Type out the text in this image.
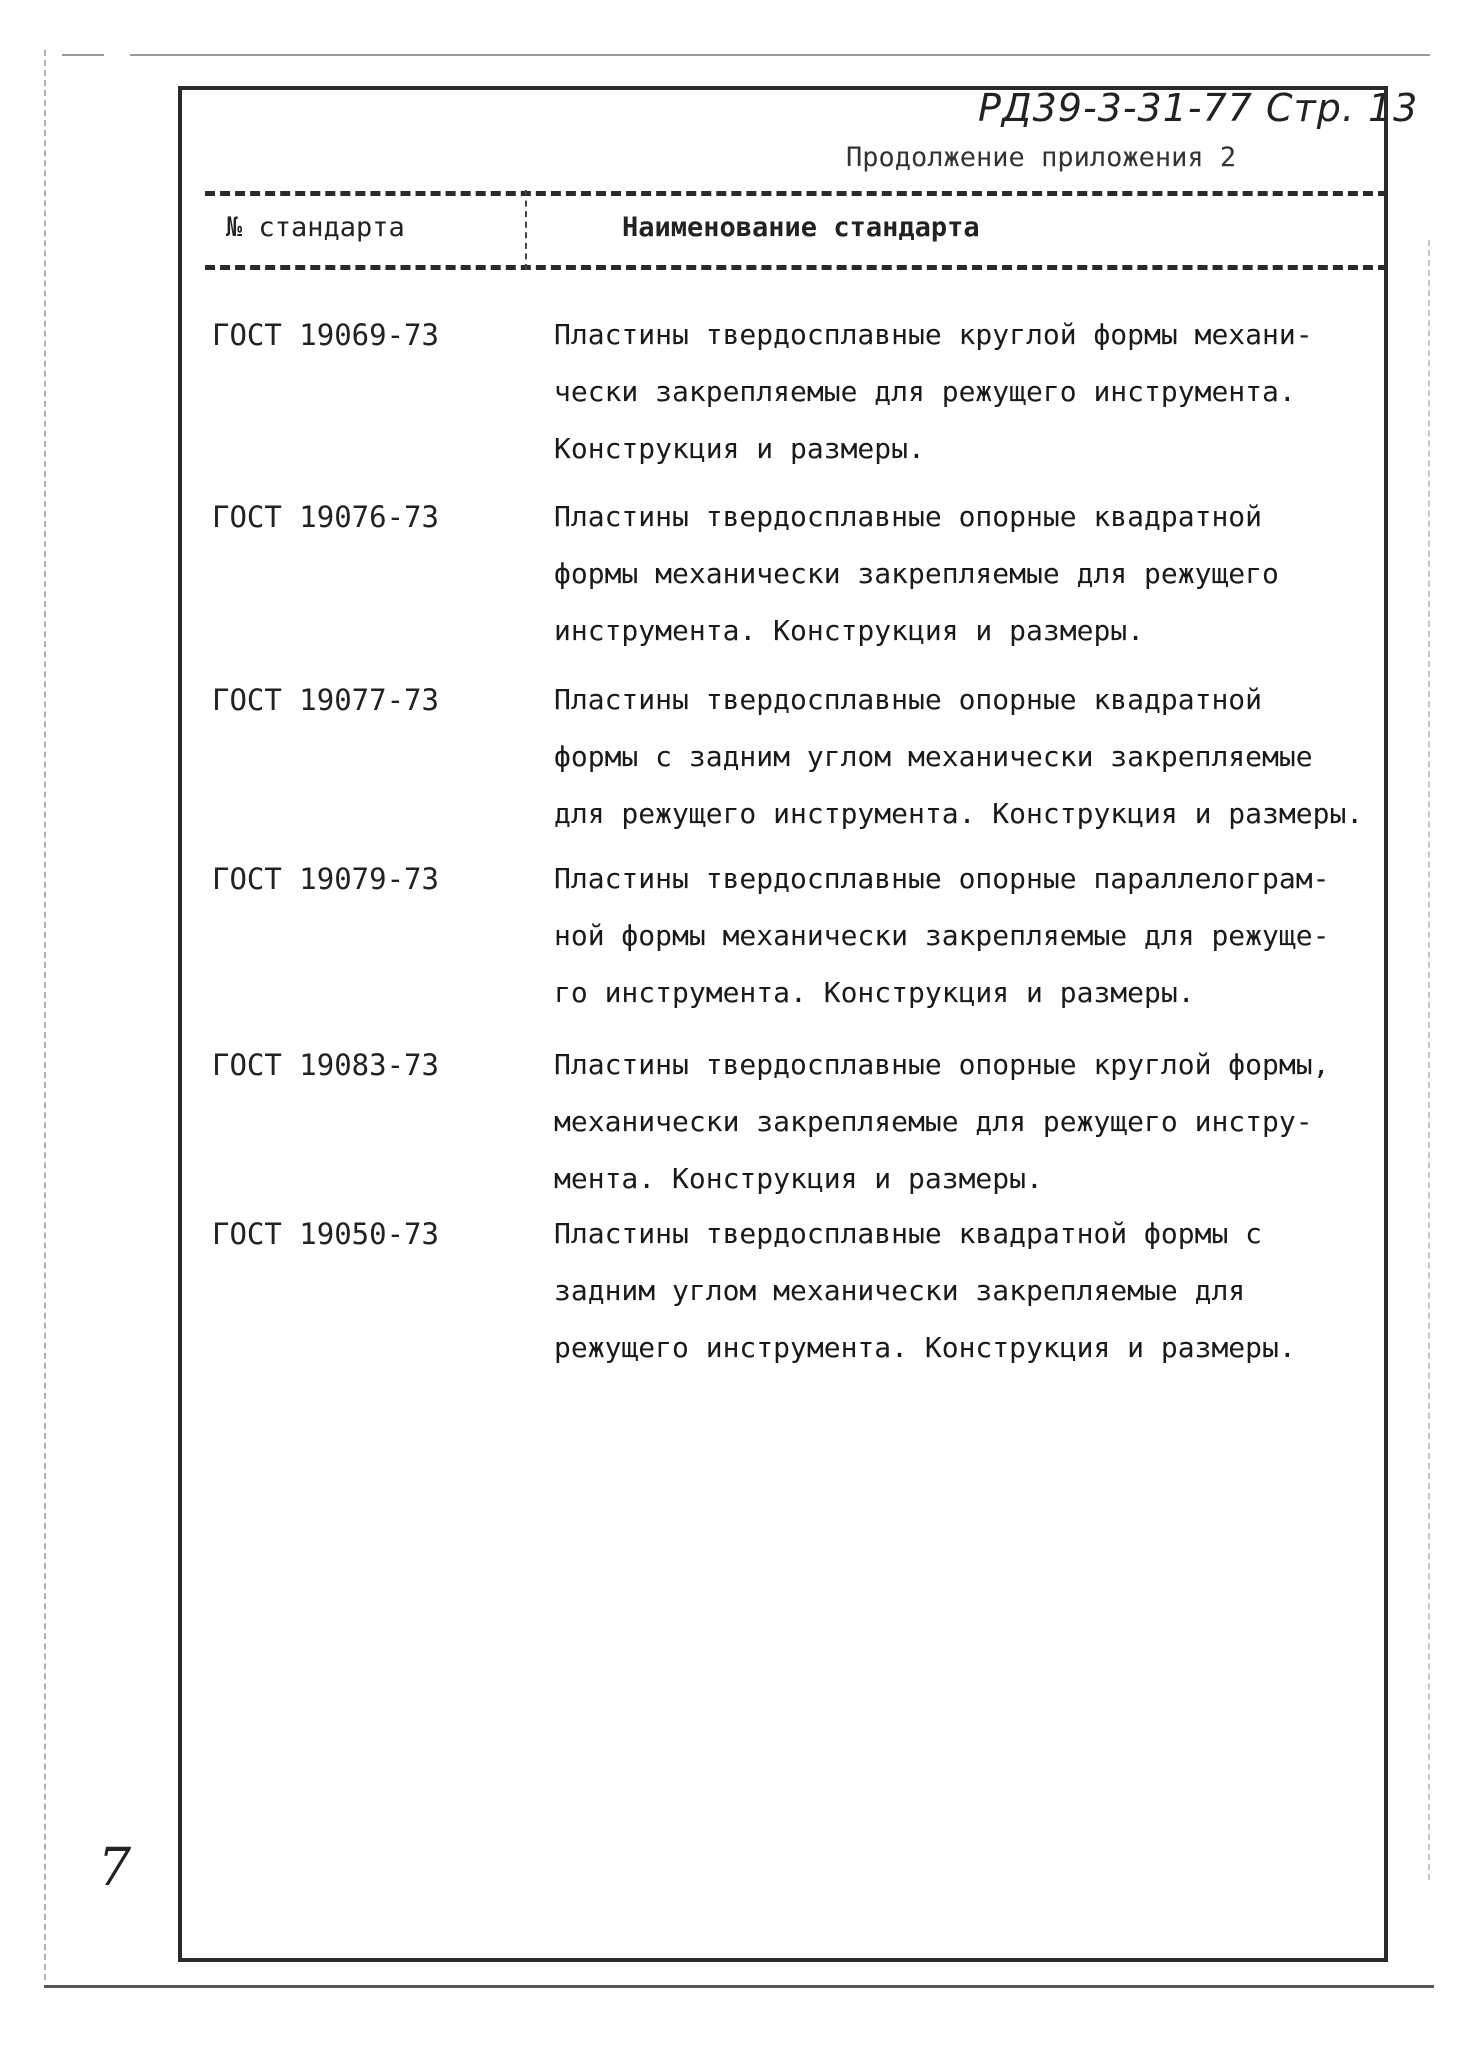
РД39-3-31-77 Стр. 13
Продолжение приложения 2
№ стандарта	Наименование стандарта
ГОСТ 19069-73	Пластины твердосплавные круглой формы механи-
чески закрепляемые для режущего инструмента.
Конструкция и размеры.
ГОСТ 19076-73	Пластины твердосплавные опорные квадратной
формы механически закрепляемые для режущего
инструмента. Конструкция и размеры.
ГОСТ 19077-73	Пластины твердосплавные опорные квадратной
формы с задним углом механически закрепляемые
для режущего инструмента. Конструкция и размеры.
ГОСТ 19079-73	Пластины твердосплавные опорные параллелограм-
ной формы механически закрепляемые для режуще-
го инструмента. Конструкция и размеры.
ГОСТ 19083-73	Пластины твердосплавные опорные круглой формы,
механически закрепляемые для режущего инстру-
мента. Конструкция и размеры.
ГОСТ 19050-73	Пластины твердосплавные квадратной формы с
задним углом механически закрепляемые для
режущего инструмента. Конструкция и размеры.
7
